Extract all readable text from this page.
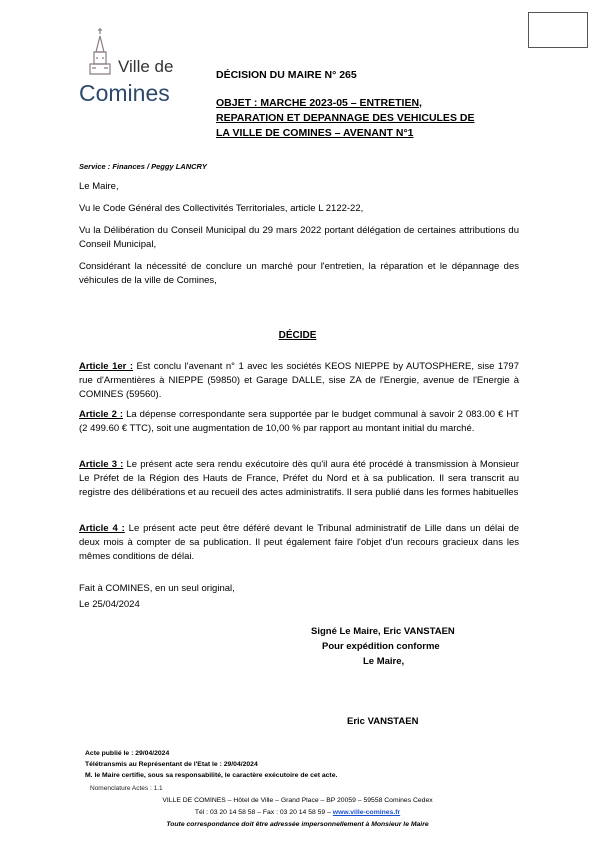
Ville de
Comines
DÉCISION DU MAIRE N° 265
OBJET : MARCHE 2023-05 – ENTRETIEN, REPARATION ET DEPANNAGE DES VEHICULES DE LA VILLE DE COMINES – AVENANT N°1
Service : Finances / Peggy LANCRY
Le Maire,
Vu le Code Général des Collectivités Territoriales, article L 2122-22,
Vu la Délibération du Conseil Municipal du 29 mars 2022 portant délégation de certaines attributions du Conseil Municipal,
Considérant la nécessité de conclure un marché pour l'entretien, la réparation et le dépannage des véhicules de la ville de Comines,
DÉCIDE
Article 1er : Est conclu l'avenant n° 1 avec les sociétés KEOS NIEPPE by AUTOSPHERE, sise 1797 rue d'Armentières à NIEPPE (59850) et Garage DALLE, sise ZA de l'Energie, avenue de l'Energie à COMINES (59560).
Article 2 : La dépense correspondante sera supportée par le budget communal à savoir 2 083.00 € HT (2 499.60 € TTC), soit une augmentation de 10,00 % par rapport au montant initial du marché.
Article 3 : Le présent acte sera rendu exécutoire dès qu'il aura été procédé à transmission à Monsieur Le Préfet de la Région des Hauts de France, Préfet du Nord et à sa publication. Il sera transcrit au registre des délibérations et au recueil des actes administratifs. Il sera publié dans les formes habituelles
Article 4 : Le présent acte peut être déféré devant le Tribunal administratif de Lille dans un délai de deux mois à compter de sa publication. Il peut également faire l'objet d'un recours gracieux dans les mêmes conditions de délai.
Fait à COMINES, en un seul original,
Le 25/04/2024
Signé Le Maire, Eric VANSTAEN
Pour expédition conforme
Le Maire,
Eric VANSTAEN
Acte publié le : 29/04/2024
Télétransmis au Représentant de l'Etat le : 29/04/2024
M. le Maire certifie, sous sa responsabilité, le caractère exécutoire de cet acte.
Nomenclature Actes : 1.1
VILLE DE COMINES – Hôtel de Ville – Grand Place – BP 20059 – 59558 Comines Cedex
Tél : 03 20 14 58 58 – Fax : 03 20 14 58 59 – www.ville-comines.fr
Toute correspondance doit être adressée impersonnellement à Monsieur le Maire
